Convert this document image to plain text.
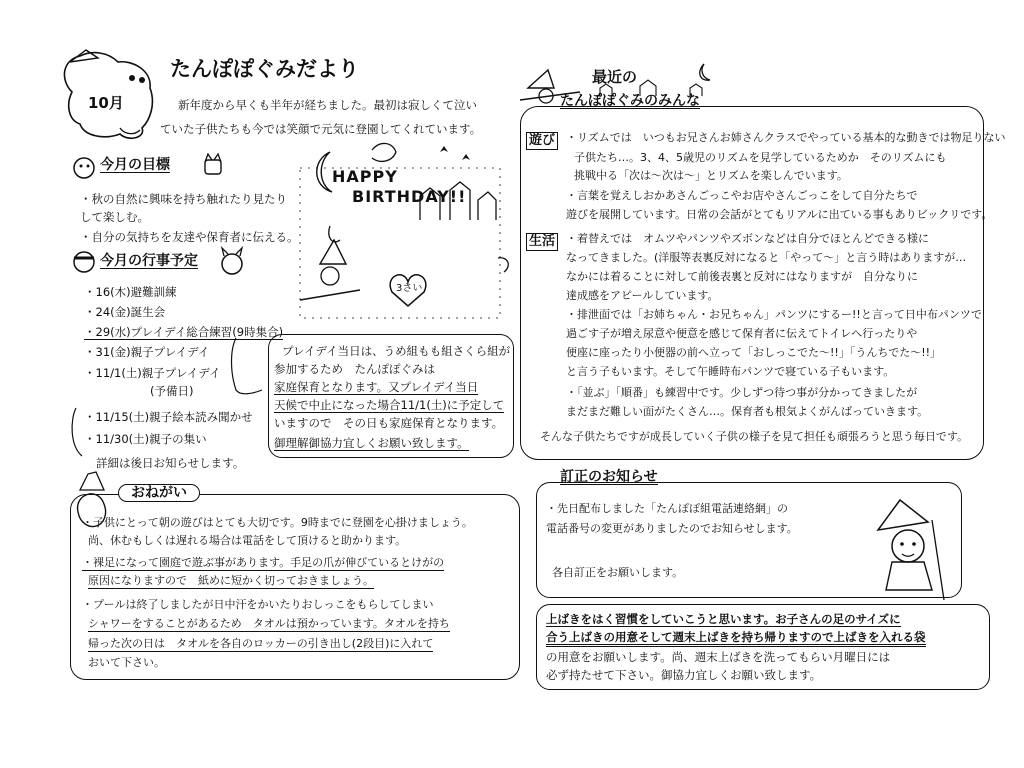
10月
たんぽぽぐみだより
新年度から早くも半年が経ちました。最初は寂しくて泣い
ていた子供たちも今では笑顔で元気に登園してくれています。
今月の目標
・秋の自然に興味を持ち触れたり見たり
して楽しむ。
・自分の気持ちを友達や保育者に伝える。
今月の行事予定
・16(木)避難訓練
・24(金)誕生会
・29(水)プレイデイ総合練習(9時集合)
・31(金)親子プレイデイ
・11/1(土)親子プレイデイ
(予備日)
・11/15(土)親子絵本読み聞かせ
・11/30(土)親子の集い
詳細は後日お知らせします。
プレイデイ当日は、うめ組もも組さくら組が
参加するため　たんぽぽぐみは
家庭保育となります。又プレイデイ当日
天候で中止になった場合11/1(土)に予定して
いますので　その日も家庭保育となります。
御理解御協力宜しくお願い致します。
HAPPY
BIRTHDAY!!
3さい
最近の
たんぽぽぐみのみんな
遊び ・リズムでは　いつもお兄さんお姉さんクラスでやっている基本的な動きでは物足りない
子供たち…。3、4、5歳児のリズムを見学しているためか　そのリズムにも
挑戦中る「次は～次は～」とリズムを楽しんでいます。
・言葉を覚えしおかあさんごっこやお店やさんごっこをして自分たちで
遊びを展開しています。日常の会話がとてもリアルに出ている事もありビックリです。
生活 ・着替えでは　オムツやパンツやズボンなどは自分でほとんどできる様に
なってきました。(洋服等表裏反対になると「やって～」と言う時はありますが…
なかには着ることに対して前後表裏と反対にはなりますが　自分なりに
達成感をアピールしています。
・排泄面では「お姉ちゃん・お兄ちゃん」パンツにするー!!と言って日中布パンツで
過ごす子が増え尿意や便意を感じて保育者に伝えてトイレへ行ったりや
便座に座ったり小便器の前へ立って「おしっこでた～!!」「うんちでた～!!」
と言う子もいます。そして午睡時布パンツで寝ている子もいます。
・「並ぶ」「順番」も練習中です。少しずつ待つ事が分かってきましたが
まだまだ難しい面がたくさん…。保育者も根気よくがんばっていきます。
そんな子供たちですが成長していく子供の様子を見て担任も頑張ろうと思う毎日です。
おねがい
・子供にとって朝の遊びはとても大切です。9時までに登園を心掛けましょう。
尚、休むもしくは遅れる場合は電話をして頂けると助かります。
・裸足になって園庭で遊ぶ事があります。手足の爪が伸びているとけがの
原因になりますので　紙めに短かく切っておきましょう。
・プールは終了しましたが日中汗をかいたりおしっこをもらしてしまい
シャワーをすることがあるため　タオルは預かっています。タオルを持ち
帰った次の日は　タオルを各自のロッカーの引き出し(2段目)に入れて
おいて下さい。
訂正のお知らせ
・先日配布しました「たんぽぽ組電話連絡網」の
電話番号の変更がありましたのでお知らせします。
各自訂正をお願いします。
上ばきをはく習慣をしていこうと思います。お子さんの足のサイズに
合う上ばきの用意そして週末上ばきを持ち帰りますので上ばきを入れる袋
の用意をお願いします。尚、週末上ばきを洗ってもらい月曜日には
必ず持たせて下さい。御協力宜しくお願い致します。
